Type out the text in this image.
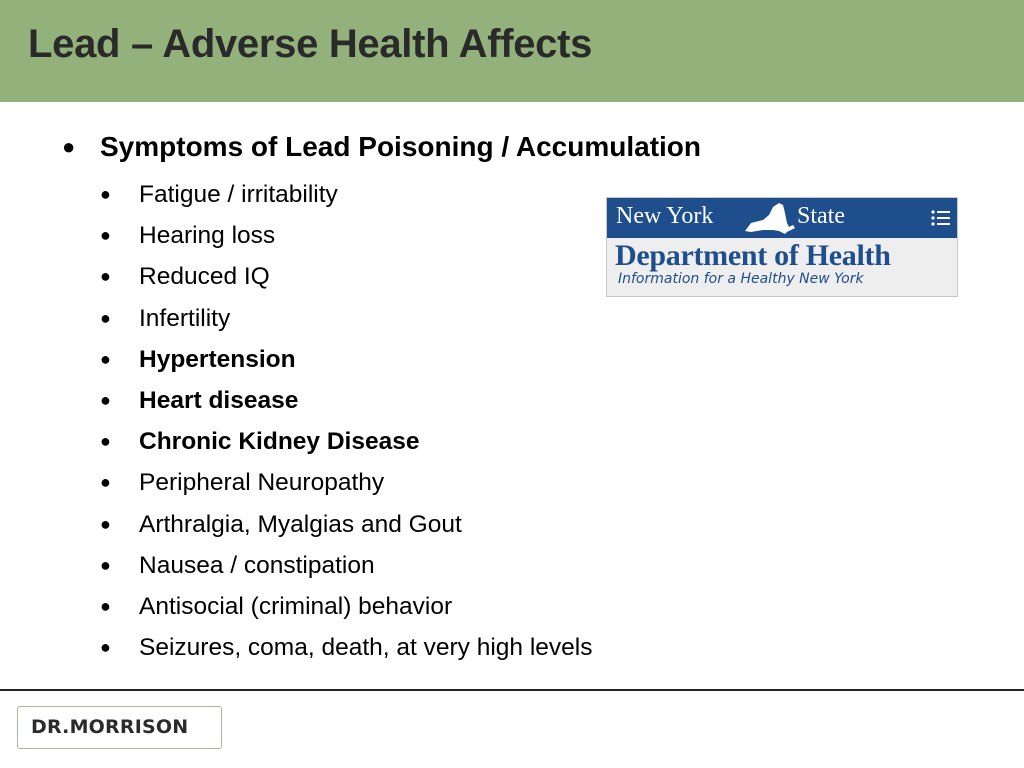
Lead – Adverse Health Affects
● Symptoms of Lead Poisoning / Accumulation
● Fatigue / irritability
● Hearing loss
● Reduced IQ
● Infertility
● Hypertension
● Heart disease
● Chronic Kidney Disease
● Peripheral Neuropathy
● Arthralgia, Myalgias and Gout
● Nausea / constipation
● Antisocial (criminal) behavior
● Seizures, coma, death, at very high levels
New York	State
Department of Health
Information for a Healthy New York
DR.MORRISON
